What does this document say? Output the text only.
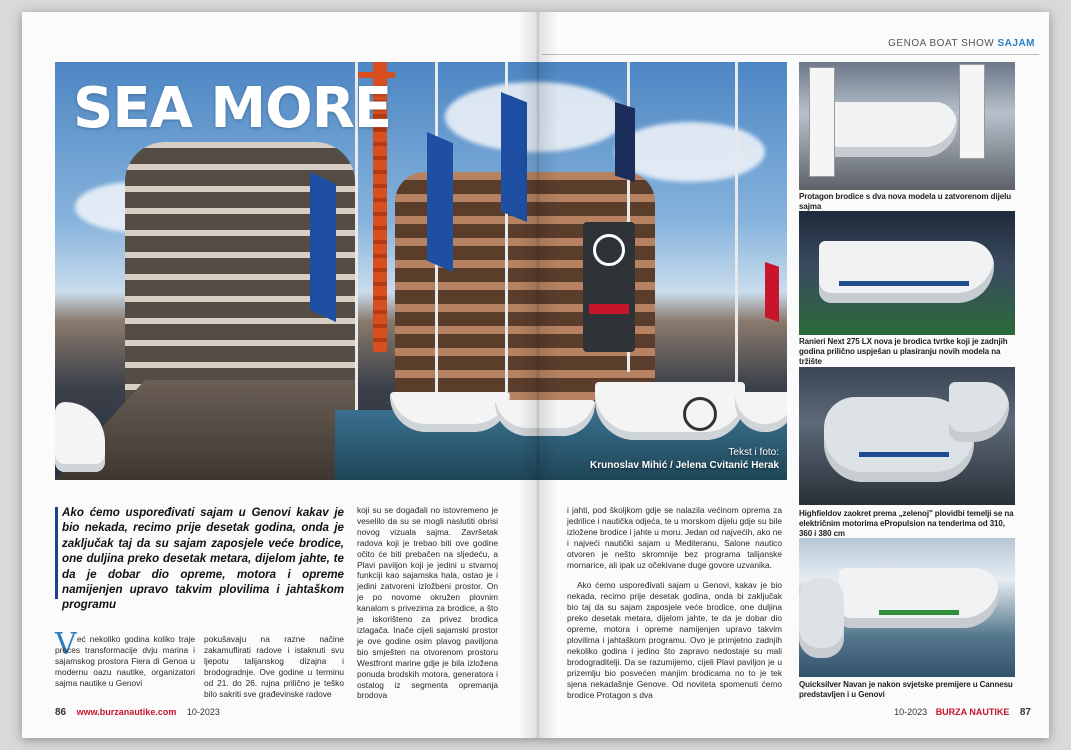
GENOA BOAT SHOW SAJAM
SEA MORE
Tekst i foto:
Krunoslav Mihić / Jelena Cvitanić Herak
Protagon brodice s dva nova modela u zatvorenom dijelu sajma
Ranieri Next 275 LX nova je brodica tvrtke koji je zadnjih godina prilično uspješan u plasiranju novih modela na tržište
Highfieldov zaokret prema „zelenoj" plovidbi temelji se na električnim motorima ePropulsion na tenderima od 310, 360 i 380 cm
Quicksilver Navan je nakon svjetske premijere u Cannesu predstavljen i u Genovi
Ako ćemo uspoređivati sajam u Genovi kakav je bio nekada, recimo prije desetak godina, onda je zaključak taj da su sajam zaposjele veće brodice, one duljina preko desetak metara, dijelom jahte, te da je dobar dio opreme, motora i opreme namijenjen upravo takvim plovilima i jahtaškom programu
V eć nekoliko godina koliko traje proces transformacije dvju marina i sajamskog prostora Fiera di Genoa u modernu oazu nautike, organizatori sajma nautike u Genovi
pokušavaju na razne načine zakamuflirati radove i istaknuti svu ljepotu talijanskog dizajna i brodogradnje. Ove godine u terminu od 21. do 26. rujna prilično je teško bilo sakriti sve građevinske radove
koji su se događali no istovremeno je veselilo da su se mogli naslutiti obrisi novog vizuala sajma. Završetak radova koji je trebao biti ove godine očito će biti prebačen na sljedeću, a Plavi paviljon koji je jedini u stvarnoj funkciji kao sajamska hala, ostao je i jedini zatvoreni izložbeni prostor. On je po novome okružen plovnim kanalom s privezima za brodice, a što je iskorišteno za privez brodica izlagača. Inače cijeli sajamski prostor je ove godine osim plavog paviljona bio smješten na otvorenom prostoru Westfront marine gdje je bila izložena ponuda brodskih motora, generatora i ostalog iz segmenta opremanja brodova

i jahti, pod školjkom gdje se nalazila većinom oprema za jedrilice i nautička odjeća, te u morskom dijelu gdje su bile izložene brodice i jahte u moru. Jedan od najvećih, ako ne i najveći nautički sajam u Mediteranu, Salone nautico otvoren je nešto skromnije bez programa talijanske mornarice, ali ipak uz očekivane duge govore uzvanika.

Ako ćemo uspoređivati sajam u Genovi, kakav je bio nekada, recimo prije desetak godina, onda bi zaključak bio taj da su sajam zaposjele veće brodice, one duljina preko desetak metara, dijelom jahte, te da je dobar dio opreme, motora i opreme namijenjen upravo takvim plovilima i jahtaškom programu. Ovo je primjetno zadnjih nekoliko godina i jedino što zapravo nedostaje su mali brodograditelji. Da se razumijemo, cijeli Plavi paviljon je u prizemlju bio posvećen manjim brodicama no to je tek sjena nekadašnje Genove. Od noviteta spomenuti ćemo brodice Protagon s dva

86 www.burzanautike.com 10-2023	10-2023 BURZA NAUTIKE 87
